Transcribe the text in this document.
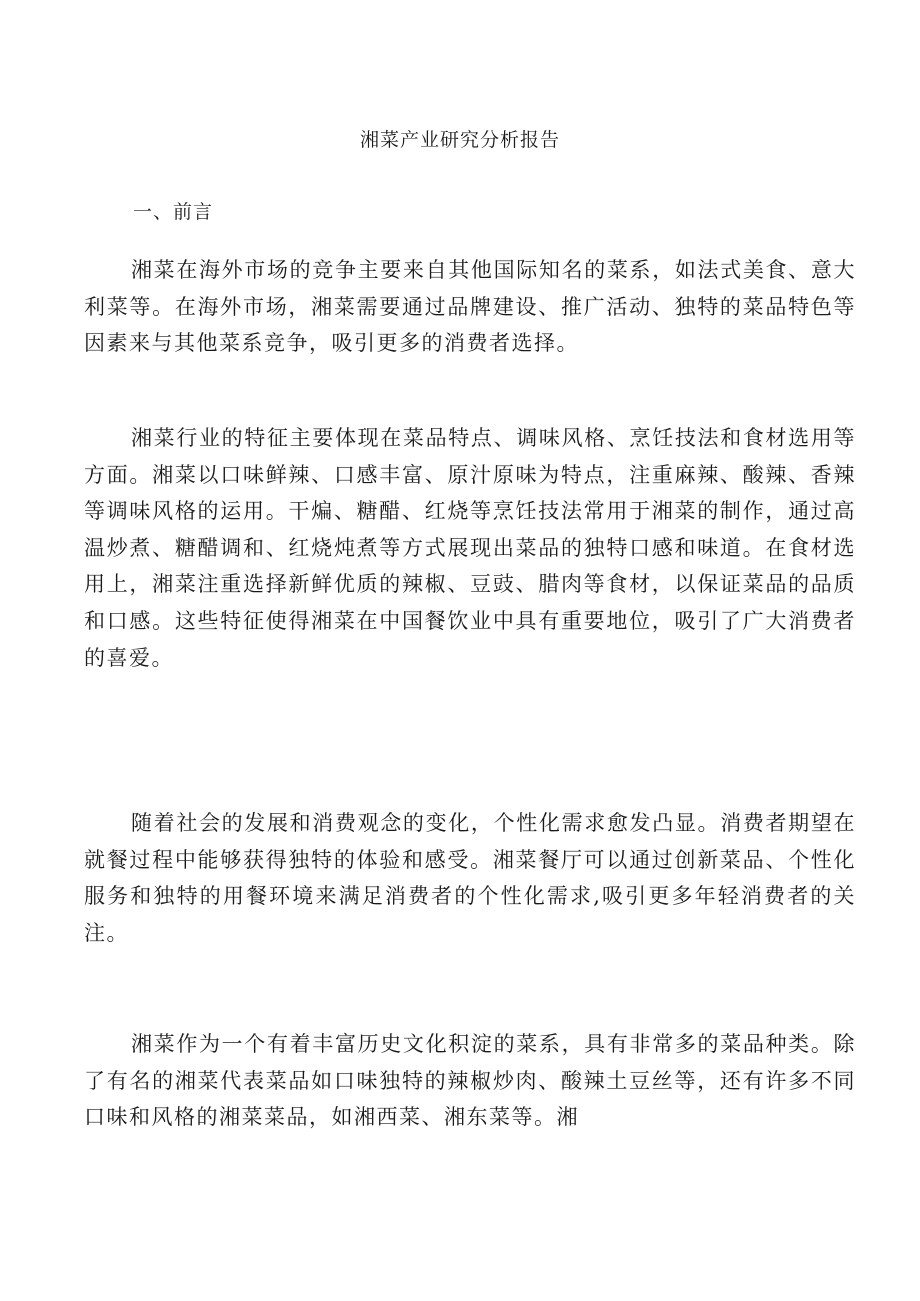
湘菜产业研究分析报告
一、前言

湘菜在海外市场的竞争主要来自其他国际知名的菜系，如法式美食、意大利菜等。在海外市场，湘菜需要通过品牌建设、推广活动、独特的菜品特色等因素来与其他菜系竞争，吸引更多的消费者选择。

湘菜行业的特征主要体现在菜品特点、调味风格、烹饪技法和食材选用等方面。湘菜以口味鲜辣、口感丰富、原汁原味为特点，注重麻辣、酸辣、香辣等调味风格的运用。干煸、糖醋、红烧等烹饪技法常用于湘菜的制作，通过高温炒煮、糖醋调和、红烧炖煮等方式展现出菜品的独特口感和味道。在食材选用上，湘菜注重选择新鲜优质的辣椒、豆豉、腊肉等食材，以保证菜品的品质和口感。这些特征使得湘菜在中国餐饮业中具有重要地位，吸引了广大消费者的喜爱。

随着社会的发展和消费观念的变化，个性化需求愈发凸显。消费者期望在就餐过程中能够获得独特的体验和感受。湘菜餐厅可以通过创新菜品、个性化服务和独特的用餐环境来满足消费者的个性化需求,吸引更多年轻消费者的关注。

湘菜作为一个有着丰富历史文化积淀的菜系，具有非常多的菜品种类。除了有名的湘菜代表菜品如口味独特的辣椒炒肉、酸辣土豆丝等，还有许多不同口味和风格的湘菜菜品，如湘西菜、湘东菜等。湘
